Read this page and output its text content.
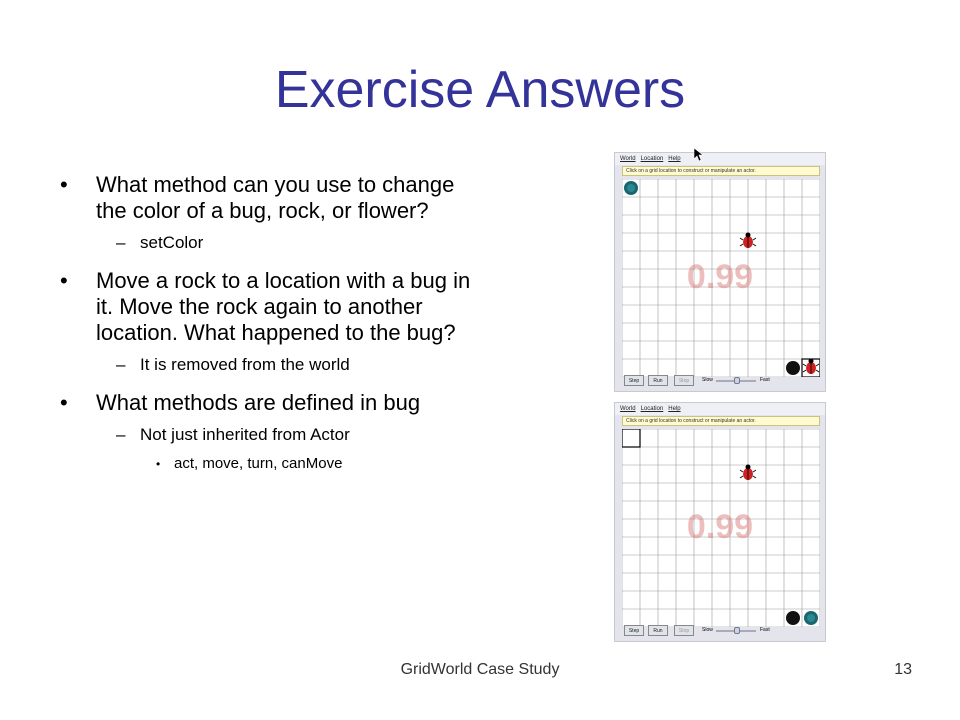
Exercise Answers
• What method can you use to change the color of a bug, rock, or flower?
– setColor
• Move a rock to a location with a bug in it. Move the rock again to another location. What happened to the bug?
– It is removed from the world
• What methods are defined in bug
– Not just inherited from Actor
• act, move, turn, canMove
World Location Help
Click on a grid location to construct or manipulate an actor.
Step	Run	Stop	Slow	Fast
World Location Help
Click on a grid location to construct or manipulate an actor.
Step	Run	Stop	Slow	Fast
0.99
0.99
GridWorld Case Study	13
